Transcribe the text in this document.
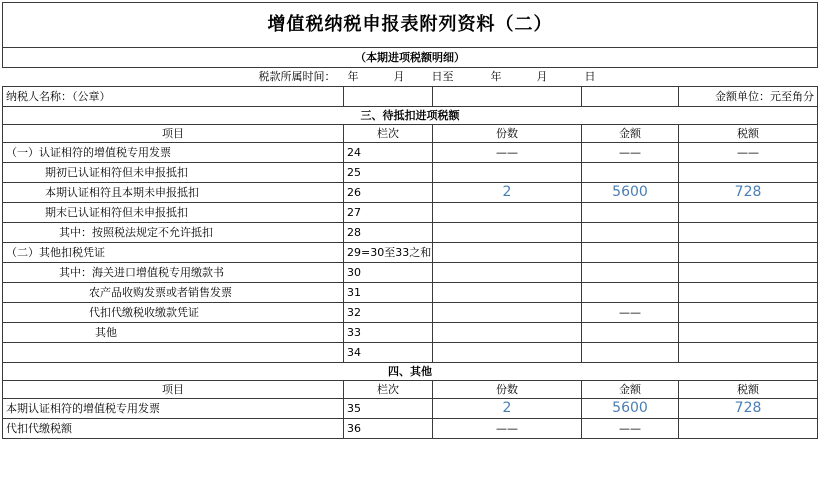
增值税纳税申报表附列资料（二）				
（本期进项税额明细）				
税款所属时间：	年 月 日至 年 月 日			
纳税人名称：（公章）				金额单位：元至角分
三、待抵扣进项税额				
项目	栏次	份数	金额	税额
（一）认证相符的增值税专用发票	24	——	——	——
期初已认证相符但未申报抵扣	25			
本期认证相符且本期未申报抵扣	26	2	5600	728
期末已认证相符但未申报抵扣	27			
其中：按照税法规定不允许抵扣	28			
（二）其他扣税凭证	29=30至33之和			
其中：海关进口增值税专用缴款书	30			
农产品收购发票或者销售发票	31			
代扣代缴税收缴款凭证	32		——	
其他	33			
	34			
四、其他				
项目	栏次	份数	金额	税额
本期认证相符的增值税专用发票	35	2	5600	728
代扣代缴税额	36	——	——	
